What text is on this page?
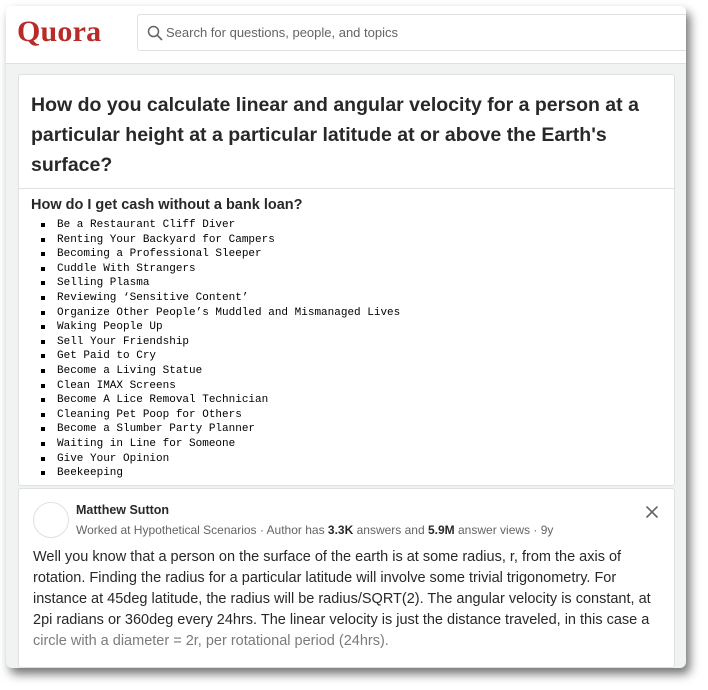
Quora
Search for questions, people, and topics
How do you calculate linear and angular velocity for a person at a particular height at a particular latitude at or above the Earth's surface?
How do I get cash without a bank loan?
Be a Restaurant Cliff Diver
Renting Your Backyard for Campers
Becoming a Professional Sleeper
Cuddle With Strangers
Selling Plasma
Reviewing ‘Sensitive Content’
Organize Other People’s Muddled and Mismanaged Lives
Waking People Up
Sell Your Friendship
Get Paid to Cry
Become a Living Statue
Clean IMAX Screens
Become A Lice Removal Technician
Cleaning Pet Poop for Others
Become a Slumber Party Planner
Waiting in Line for Someone
Give Your Opinion
Beekeeping
Matthew Sutton
Worked at Hypothetical Scenarios · Author has 3.3K answers and 5.9M answer views · 9y
Well you know that a person on the surface of the earth is at some radius, r, from the axis of rotation. Finding the radius for a particular latitude will involve some trivial trigonometry. For instance at 45deg latitude, the radius will be radius/SQRT(2). The angular velocity is constant, at 2pi radians or 360deg every 24hrs. The linear velocity is just the distance traveled, in this case a circle with a diameter = 2r, per rotational period (24hrs).
